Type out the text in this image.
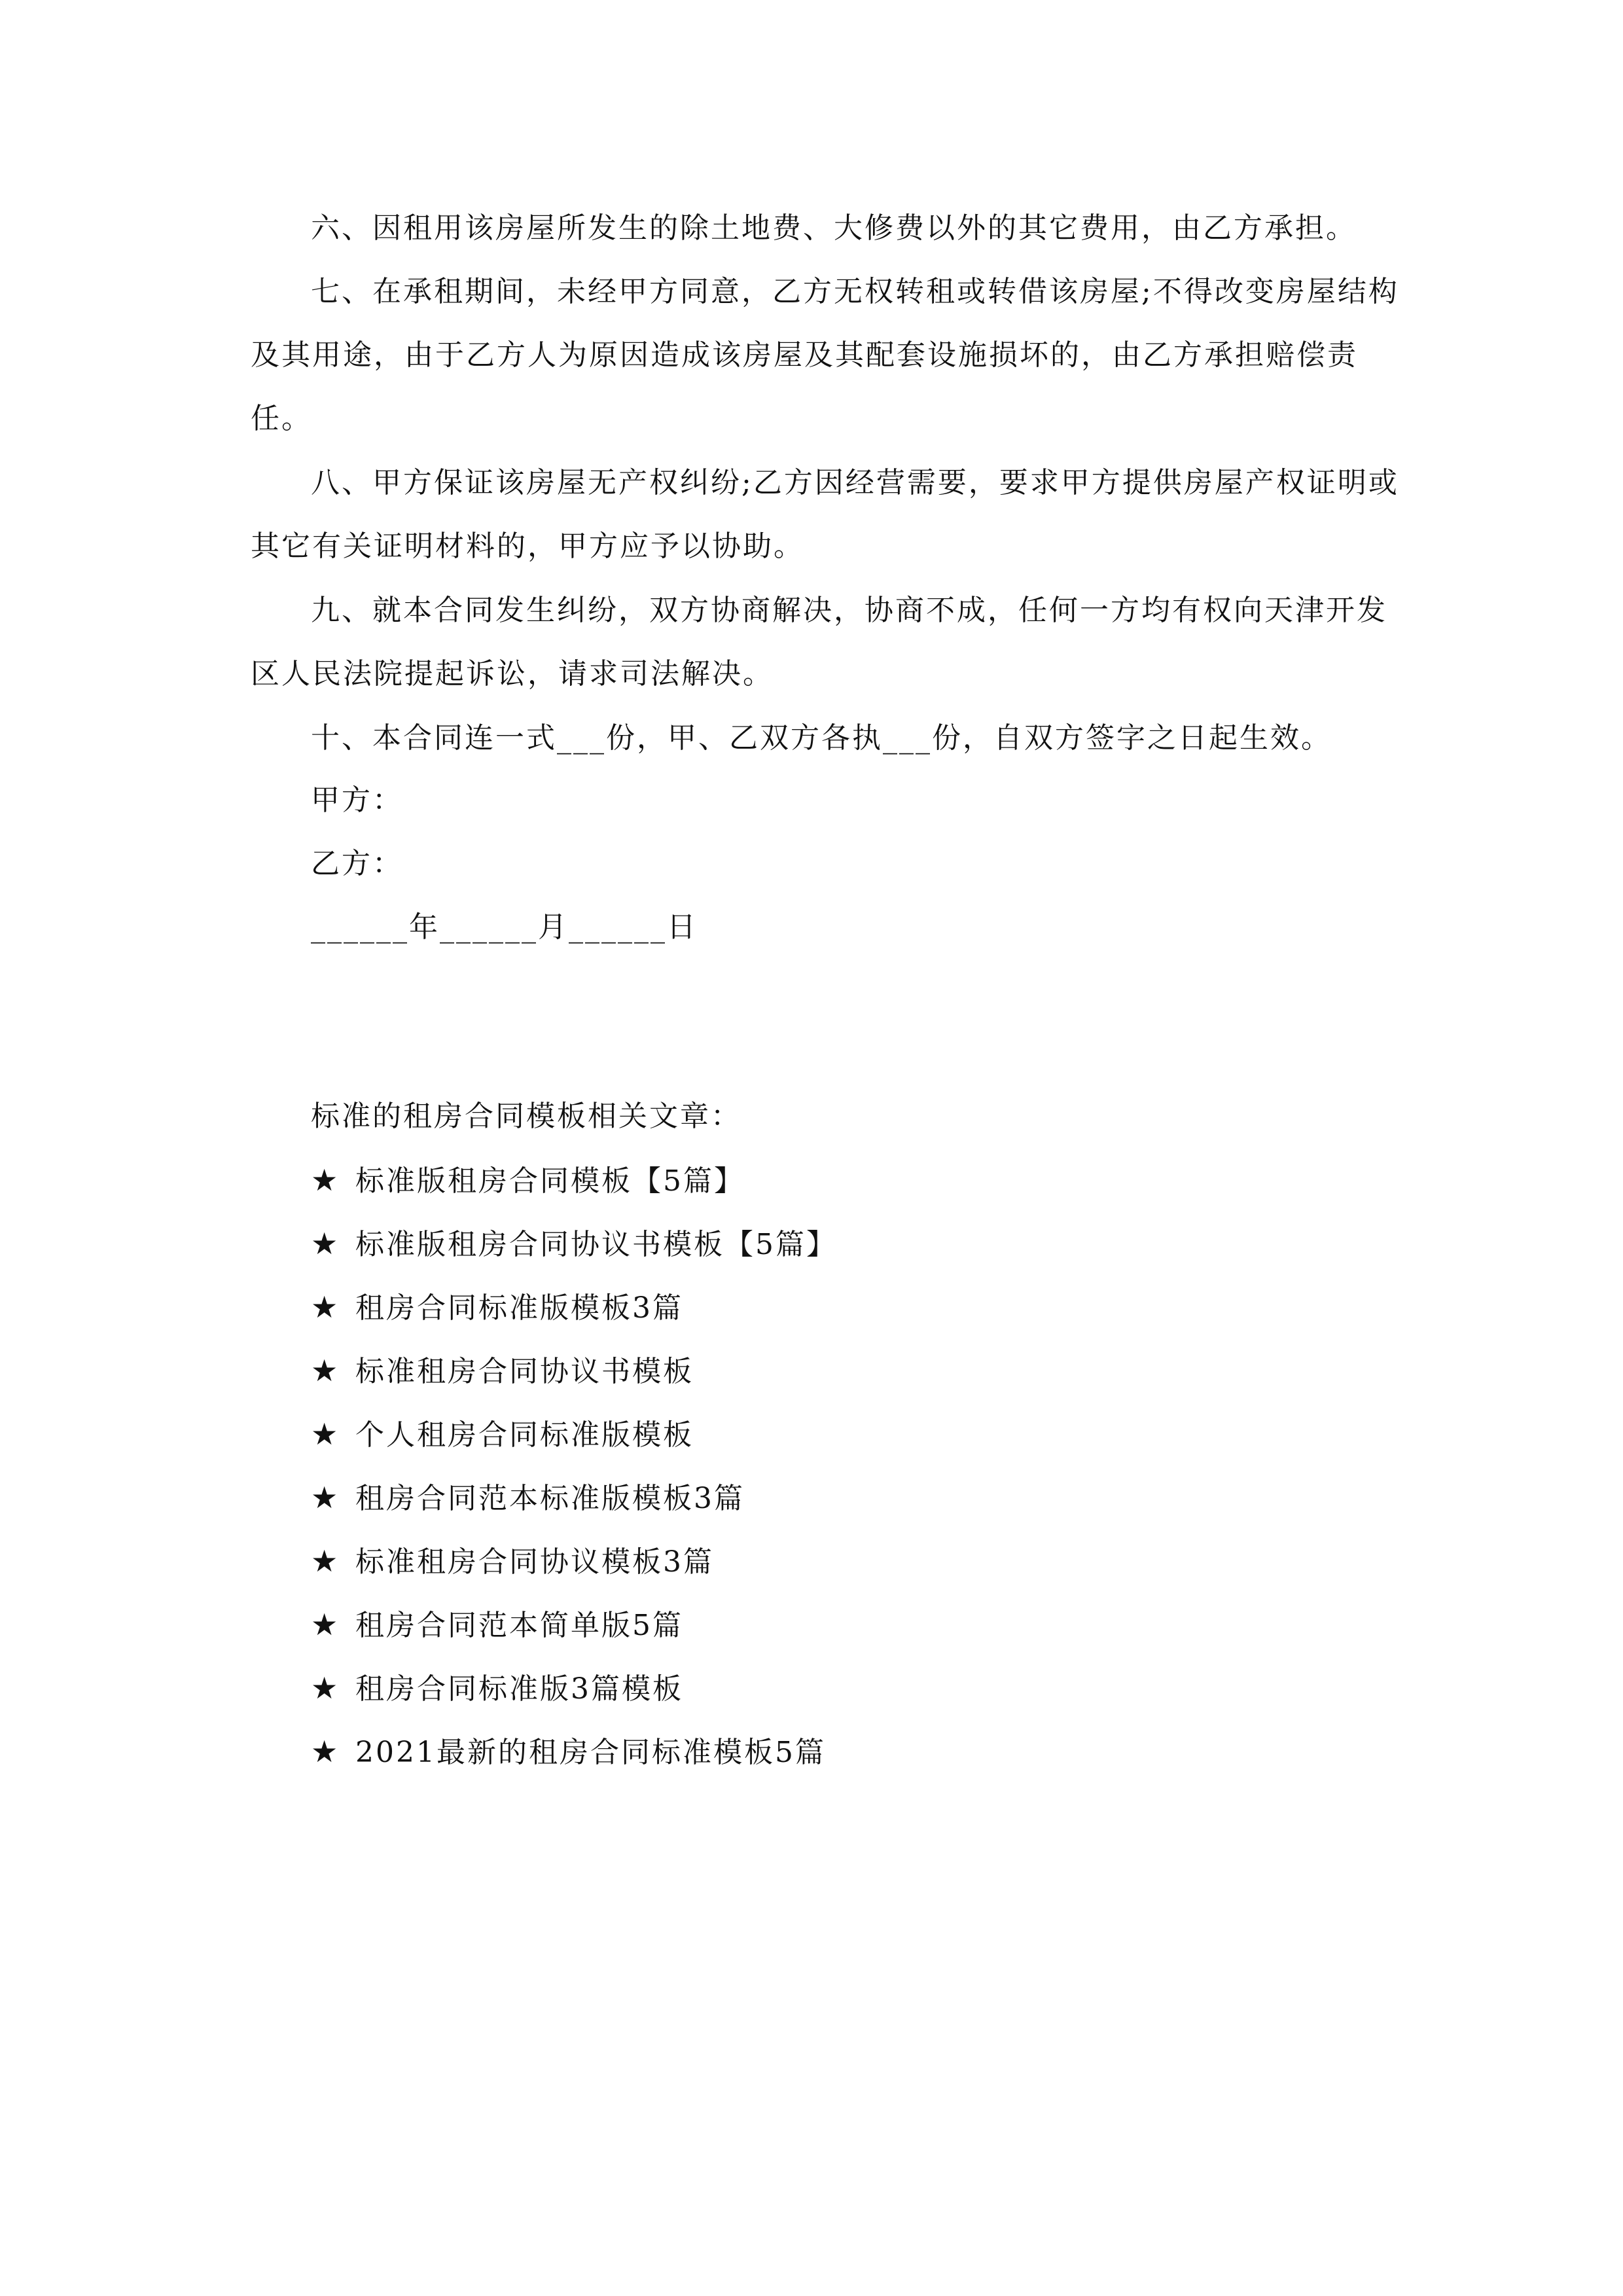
六、因租用该房屋所发生的除土地费、大修费以外的其它费用，由乙方承担。

七、在承租期间，未经甲方同意，乙方无权转租或转借该房屋;不得改变房屋结构及其用途，由于乙方人为原因造成该房屋及其配套设施损坏的，由乙方承担赔偿责任。

八、甲方保证该房屋无产权纠纷;乙方因经营需要，要求甲方提供房屋产权证明或其它有关证明材料的，甲方应予以协助。

九、就本合同发生纠纷，双方协商解决，协商不成，任何一方均有权向天津开发区人民法院提起诉讼，请求司法解决。

十、本合同连一式___份，甲、乙双方各执___份，自双方签字之日起生效。

甲方：
乙方：
______年______月______日
标准的租房合同模板相关文章：
★ 标准版租房合同模板【5篇】
★ 标准版租房合同协议书模板【5篇】
★ 租房合同标准版模板3篇
★ 标准租房合同协议书模板
★ 个人租房合同标准版模板
★ 租房合同范本标准版模板3篇
★ 标准租房合同协议模板3篇
★ 租房合同范本简单版5篇
★ 租房合同标准版3篇模板
★ 2021最新的租房合同标准模板5篇
